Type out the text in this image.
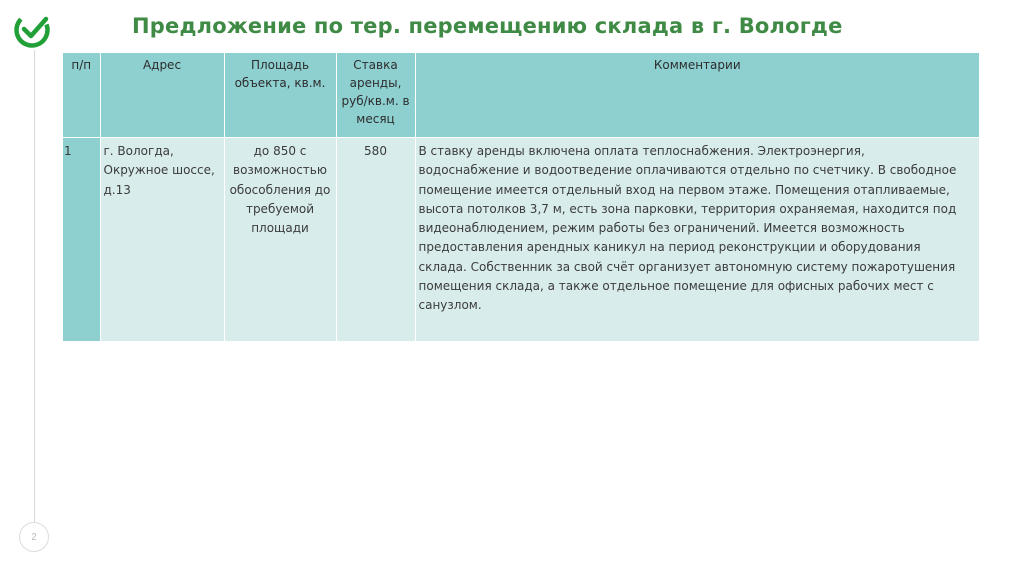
2
Предложение по тер. перемещению склада в г. Вологде
п/п	Адрес	Площадь объекта, кв.м.	Ставка аренды, руб/кв.м. в месяц	Комментарии
1	г. Вологда, Окружное шоссе, д.13	до 850 с возможностью обособления до требуемой площади	580	В ставку аренды включена оплата теплоснабжения. Электроэнергия, водоснабжение и водоотведение оплачиваются отдельно по счетчику. В свободное помещение имеется отдельный вход на первом этаже. Помещения отапливаемые, высота потолков 3,7 м, есть зона парковки, территория охраняемая, находится под видеонаблюдением, режим работы без ограничений. Имеется возможность предоставления арендных каникул на период реконструкции и оборудования склада. Собственник за свой счёт организует автономную систему пожаротушения помещения склада, а также отдельное помещение для офисных рабочих мест с санузлом.
